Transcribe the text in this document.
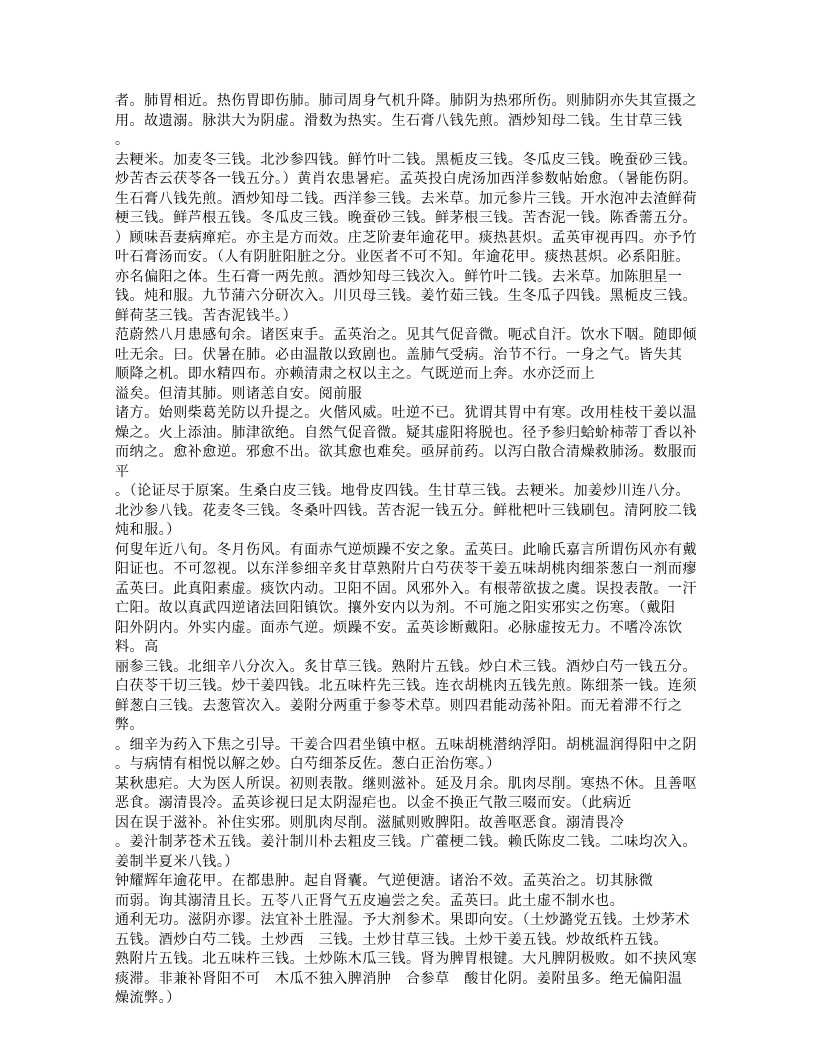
者。肺胃相近。热伤胃即伤肺。肺司周身气机升降。肺阴为热邪所伤。则肺阴亦失其宣摄之
用。故遗溺。脉洪大为阴虚。滑数为热实。生石膏八钱先煎。酒炒知母二钱。生甘草三钱
。
去粳米。加麦冬三钱。北沙参四钱。鲜竹叶二钱。黑栀皮三钱。冬瓜皮三钱。晚蚕砂三钱。
炒苦杏云茯苓各一钱五分。）黄肖农患暑疟。孟英投白虎汤加西洋参数帖始愈。（暑能伤阴。
生石膏八钱先煎。酒炒知母二钱。西洋参三钱。去米草。加元参片三钱。开水泡冲去渣鲜荷
梗三钱。鲜芦根五钱。冬瓜皮三钱。晚蚕砂三钱。鲜茅根三钱。苦杏泥一钱。陈香薷五分。
）顾味吾妻病瘅疟。亦主是方而效。庄芝阶妻年逾花甲。痰热甚炽。孟英审视再四。亦予竹
叶石膏汤而安。（人有阴脏阳脏之分。业医者不可不知。年逾花甲。痰热甚炽。必系阳脏。
亦名偏阳之体。生石膏一两先煎。酒炒知母三钱次入。鲜竹叶二钱。去米草。加陈胆星一
钱。炖和服。九节蒲六分研次入。川贝母三钱。姜竹茹三钱。生冬瓜子四钱。黑栀皮三钱。
鲜荷茎三钱。苦杏泥钱半。）
范蔚然八月患感旬余。诸医束手。孟英治之。见其气促音微。呃忒自汗。饮水下咽。随即倾
吐无余。曰。伏暑在肺。必由温散以致剧也。盖肺气受病。治节不行。一身之气。皆失其
顺降之机。即水精四布。亦赖清肃之权以主之。气既逆而上奔。水亦泛而上
溢矣。但清其肺。则诸恙自安。阅前服
诸方。始则柴葛羌防以升提之。火偕风威。吐逆不已。犹谓其胃中有寒。改用桂枝干姜以温
燥之。火上添油。肺津欲绝。自然气促音微。疑其虚阳将脱也。径予参归蛤蚧柿蒂丁香以补
而纳之。愈补愈逆。邪愈不出。欲其愈也难矣。亟屏前药。以泻白散合清燥救肺汤。数服而
平
。（论证尽于原案。生桑白皮三钱。地骨皮四钱。生甘草三钱。去粳米。加姜炒川连八分。
北沙参八钱。花麦冬三钱。冬桑叶四钱。苦杏泥一钱五分。鲜枇杷叶三钱刷包。清阿胶二钱
炖和服。）
何叟年近八旬。冬月伤风。有面赤气逆烦躁不安之象。孟英曰。此喻氏嘉言所谓伤风亦有戴
阳证也。不可忽视。以东洋参细辛炙甘草熟附片白芍茯苓干姜五味胡桃肉细茶葱白一剂而瘳
孟英曰。此真阳素虚。痰饮内动。卫阳不固。风邪外入。有根蒂欲拔之虞。误投表散。一汗
亡阳。故以真武四逆诸法回阳镇饮。攘外安内以为剂。不可施之阳实邪实之伤寒。（戴阳
阳外阴内。外实内虚。面赤气逆。烦躁不安。孟英诊断戴阳。必脉虚按无力。不嗜冷冻饮料。高
丽参三钱。北细辛八分次入。炙甘草三钱。熟附片五钱。炒白术三钱。酒炒白芍一钱五分。
白茯苓干切三钱。炒干姜四钱。北五味杵先三钱。连衣胡桃肉五钱先煎。陈细茶一钱。连须
鲜葱白三钱。去葱管次入。姜附分两重于参苓术草。则四君能动荡补阳。而无着滞不行之弊。
。细辛为药入下焦之引导。干姜合四君坐镇中枢。五味胡桃潜纳浮阳。胡桃温润得阳中之阴
。与病情有相悦以解之妙。白芍细茶反佐。葱白正治伤寒。）
某秋患疟。大为医人所误。初则表散。继则滋补。延及月余。肌肉尽削。寒热不休。且善呕
恶食。溺清畏冷。孟英诊视曰足太阴湿疟也。以金不换正气散三啜而安。（此病近
因在误于滋补。补住实邪。则肌肉尽削。滋腻则败脾阳。故善呕恶食。溺清畏冷
。姜汁制茅苍术五钱。姜汁制川朴去粗皮三钱。广藿梗二钱。赖氏陈皮二钱。二味均次入。
姜制半夏米八钱。）
钟耀辉年逾花甲。在都患肿。起自肾囊。气逆便溏。诸治不效。孟英治之。切其脉微
而弱。询其溺清且长。五苓八正肾气五皮遍尝之矣。孟英曰。此土虚不制水也。
通利无功。滋阴亦谬。法宜补土胜湿。予大剂参术。果即向安。（土炒潞党五钱。土炒茅术
五钱。酒炒白芍二钱。土炒西　三钱。土炒甘草三钱。土炒干姜五钱。炒故纸杵五钱。
熟附片五钱。北五味杵三钱。土炒陈木瓜三钱。肾为脾胃根键。大凡脾阴极败。如不挟风寒
痰滞。非兼补肾阳不可　木瓜不独入脾消肿　合参草　酸甘化阴。姜附虽多。绝无偏阳温
燥流弊。）
